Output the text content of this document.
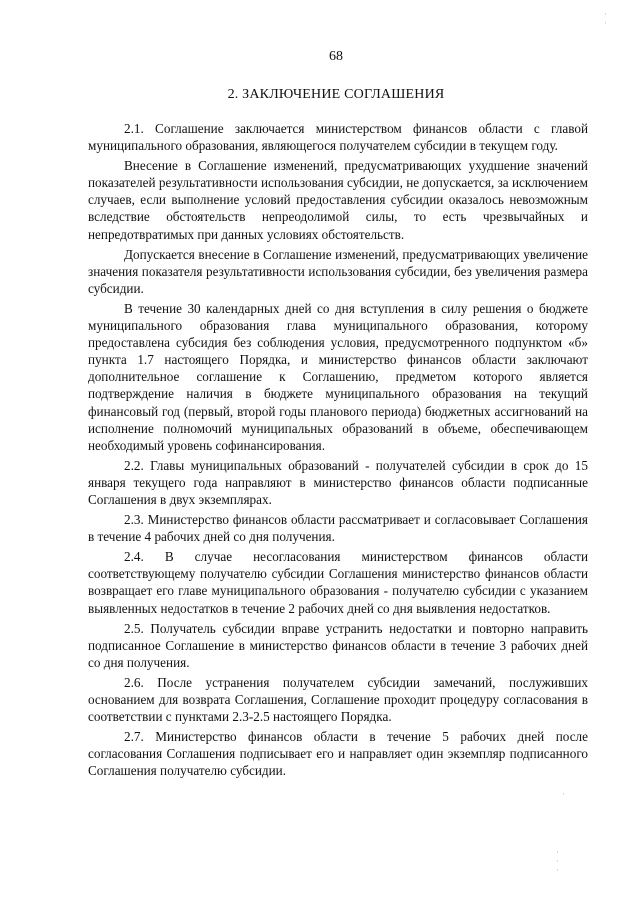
68
2. ЗАКЛЮЧЕНИЕ СОГЛАШЕНИЯ

2.1. Соглашение заключается министерством финансов области с главой муниципального образования, являющегося получателем субсидии в текущем году.

Внесение в Соглашение изменений, предусматривающих ухудшение значений показателей результативности использования субсидии, не допускается, за исключением случаев, если выполнение условий предоставления субсидии оказалось невозможным вследствие обстоятельств непреодолимой силы, то есть чрезвычайных и непредотвратимых при данных условиях обстоятельств.

Допускается внесение в Соглашение изменений, предусматривающих увеличение значения показателя результативности использования субсидии, без увеличения размера субсидии.

В течение 30 календарных дней со дня вступления в силу решения о бюджете муниципального образования глава муниципального образования, которому предоставлена субсидия без соблюдения условия, предусмотренного подпунктом «б» пункта 1.7 настоящего Порядка, и министерство финансов области заключают дополнительное соглашение к Соглашению, предметом которого является подтверждение наличия в бюджете муниципального образования на текущий финансовый год (первый, второй годы планового периода) бюджетных ассигнований на исполнение полномочий муниципальных образований в объеме, обеспечивающем необходимый уровень софинансирования.

2.2. Главы муниципальных образований - получателей субсидии в срок до 15 января текущего года направляют в министерство финансов области подписанные Соглашения в двух экземплярах.

2.3. Министерство финансов области рассматривает и согласовывает Соглашения в течение 4 рабочих дней со дня получения.

2.4. В случае несогласования министерством финансов области соответствующему получателю субсидии Соглашения министерство финансов области возвращает его главе муниципального образования - получателю субсидии с указанием выявленных недостатков в течение 2 рабочих дней со дня выявления недостатков.

2.5. Получатель субсидии вправе устранить недостатки и повторно направить подписанное Соглашение в министерство финансов области в течение 3 рабочих дней со дня получения.

2.6. После устранения получателем субсидии замечаний, послуживших основанием для возврата Соглашения, Соглашение проходит процедуру согласования в соответствии с пунктами 2.3-2.5 настоящего Порядка.

2.7. Министерство финансов области в течение 5 рабочих дней после согласования Соглашения подписывает его и направляет один экземпляр подписанного Соглашения получателю субсидии.

·
·
·
·
·
·
